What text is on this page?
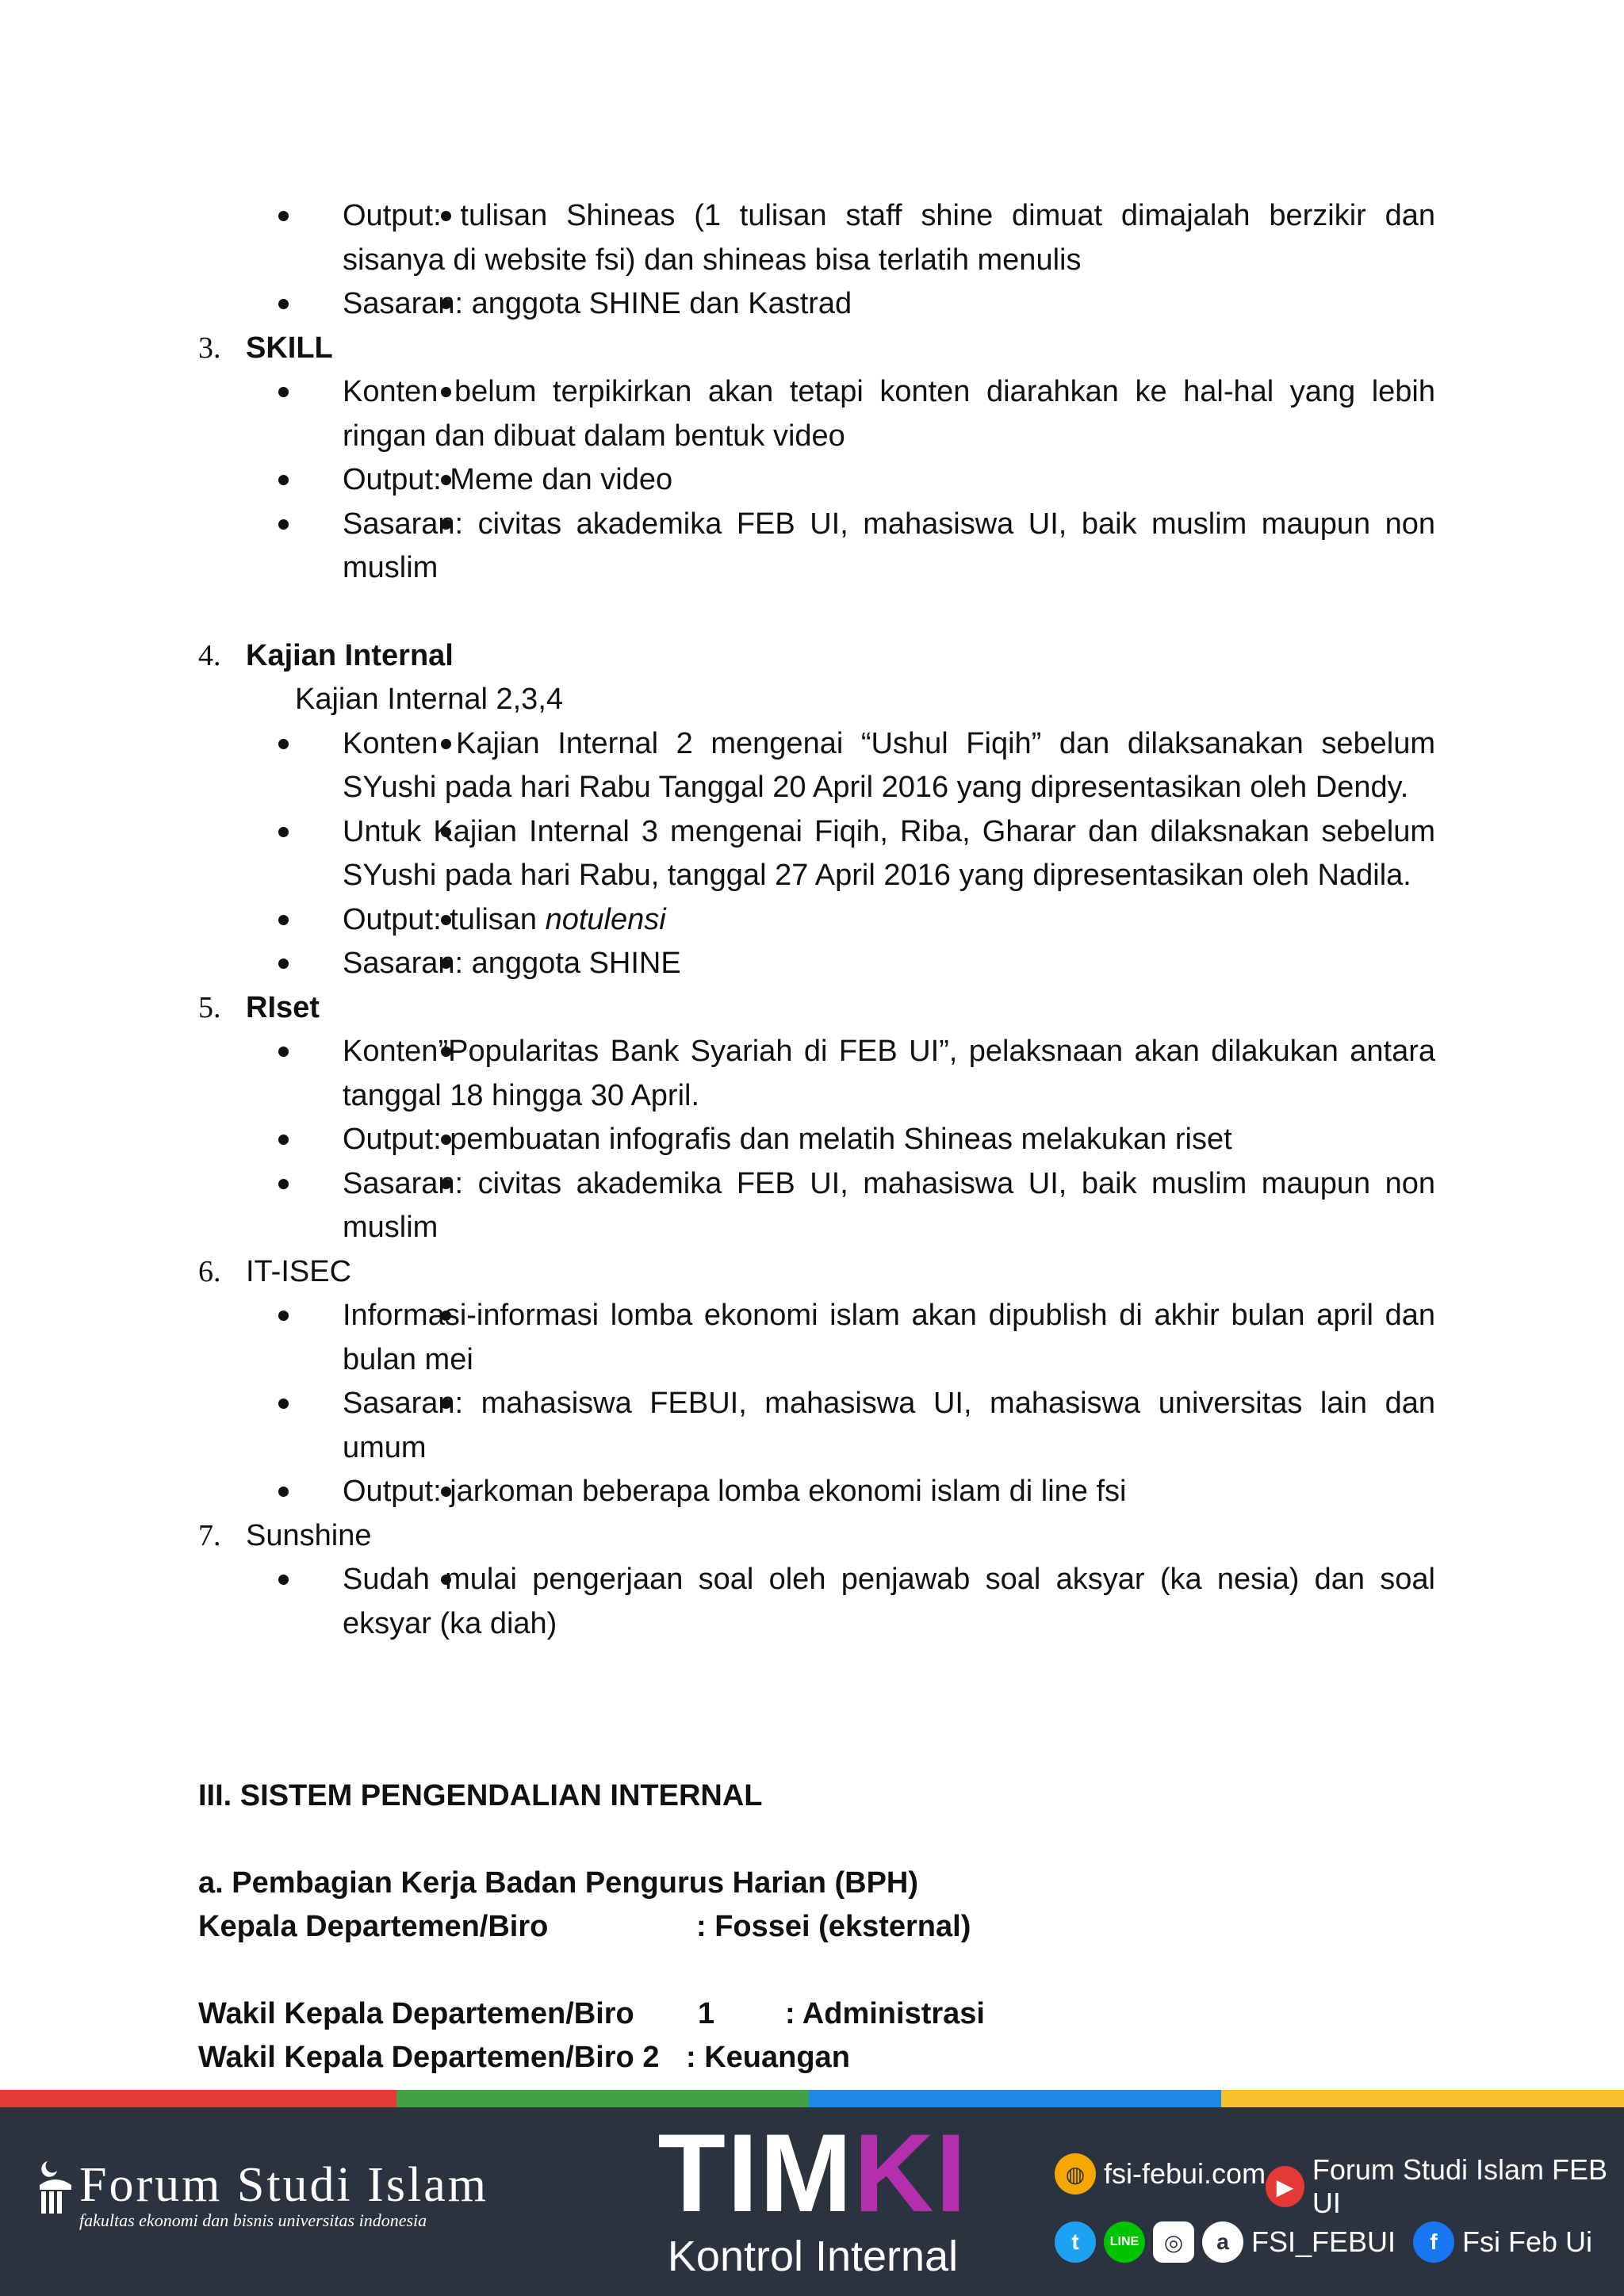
Output: tulisan Shineas (1 tulisan staff shine dimuat dimajalah berzikir dan sisanya di website fsi) dan shineas bisa terlatih menulis
Sasaran: anggota SHINE dan Kastrad
3. SKILL
Konten belum terpikirkan akan tetapi konten diarahkan ke hal-hal yang lebih ringan dan dibuat dalam bentuk video
Output: Meme dan video
Sasaran: civitas akademika FEB UI, mahasiswa UI, baik muslim maupun non muslim
4. Kajian Internal
Kajian Internal 2,3,4
Konten Kajian Internal 2 mengenai “Ushul Fiqih” dan dilaksanakan sebelum SYushi pada hari Rabu Tanggal 20 April 2016 yang dipresentasikan oleh Dendy.
Untuk Kajian Internal 3 mengenai Fiqih, Riba, Gharar dan dilaksnakan sebelum SYushi pada hari Rabu, tanggal 27 April 2016 yang dipresentasikan oleh Nadila.
Output: tulisan notulensi
Sasaran: anggota SHINE
5. RIset
Konten”Popularitas Bank Syariah di FEB UI”, pelaksnaan akan dilakukan antara tanggal 18 hingga 30 April.
Output: pembuatan infografis dan melatih Shineas melakukan riset
Sasaran: civitas akademika FEB UI, mahasiswa UI, baik muslim maupun non muslim
6. IT-ISEC
Informasi-informasi lomba ekonomi islam akan dipublish di akhir bulan april dan bulan mei
Sasaran: mahasiswa FEBUI, mahasiswa UI, mahasiswa universitas lain dan umum
Output: jarkoman beberapa lomba ekonomi islam di line fsi
7. Sunshine
Sudah mulai pengerjaan soal oleh penjawab soal aksyar (ka nesia) dan soal eksyar (ka diah)
III. SISTEM PENGENDALIAN INTERNAL
a. Pembagian Kerja Badan Pengurus Harian (BPH)
Kepala Departemen/Biro	: Fossei (eksternal)
Wakil Kepala Departemen/Biro 1 : Administrasi
Wakil Kepala Departemen/Biro 2 : Keuangan
Forum Studi Islam
fakultas ekonomi dan bisnis universitas indonesia	TIMKI
Kontrol Internal
◍ fsi-febui.com ▶
Forum Studi Islam FEB UI
t	LINE	◎	a FSI_FEBUI	f Fsi Feb Ui
